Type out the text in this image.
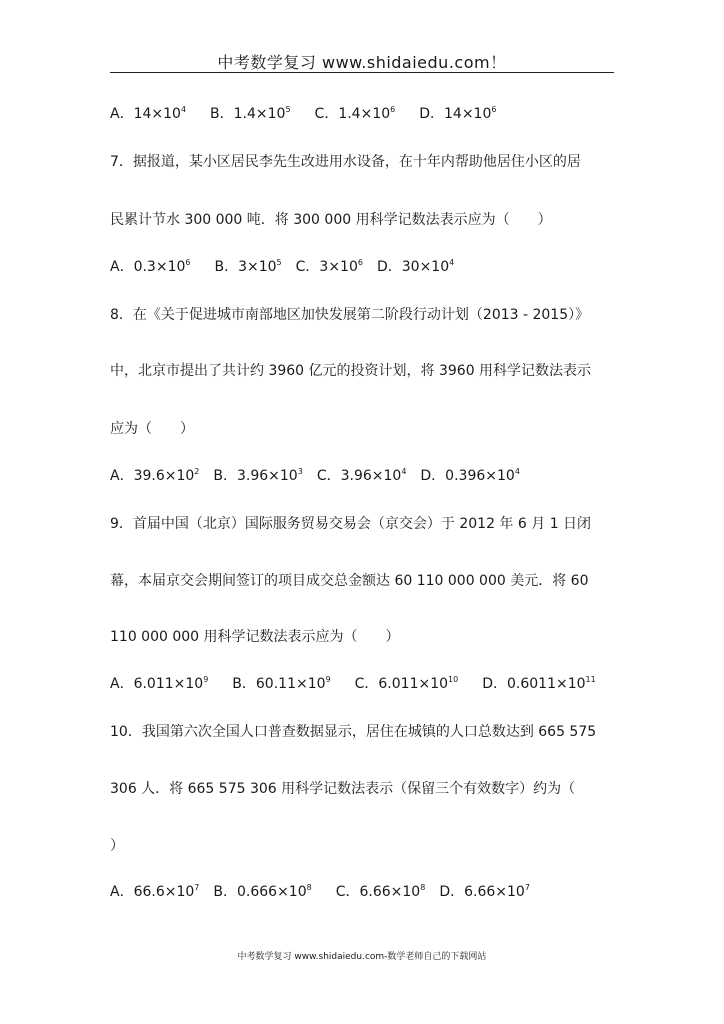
中考数学复习 www.shidaiedu.com！
A．$14\times 10^4$ B．$1.4\times 10^5$ C．$1.4\times 10^6$ D．$14\times 10^6$
7．据报道，某小区居民李先生改进用水设备，在十年内帮助他居住小区的居
民累计节水 300 000 吨．将 300 000 用科学记数法表示应为（　　）
A．$0.3\times 10^6$ B．$3\times 10^5$ C．$3\times 10^6$ D．$30\times 10^4$
8．在《关于促进城市南部地区加快发展第二阶段行动计划（2013 - 2015）》
中，北京市提出了共计约 3960 亿元的投资计划，将 3960 用科学记数法表示
应为（　　）
A．$39.6\times 10^2$ B．$3.96\times 10^3$ C．$3.96\times 10^4$ D．$0.396\times 10^4$
9．首届中国（北京）国际服务贸易交易会（京交会）于 2012 年 6 月 1 日闭
幕，本届京交会期间签订的项目成交总金额达 60 110 000 000 美元．将 60
110 000 000 用科学记数法表示应为（　　）
A．$6.011\times 10^9$ B．$60.11\times 10^9$ C．$6.011\times 10^{10}$ D．$0.6011\times 10^{11}$
10．我国第六次全国人口普查数据显示，居住在城镇的人口总数达到 665 575
306 人．将 665 575 306 用科学记数法表示（保留三个有效数字）约为（
）
A．$66.6\times 10^7$ B．$0.666\times 10^8$ C．$6.66\times 10^8$ D．$6.66\times 10^7$
中考数学复习 www.shidaiedu.com-数学老师自己的下载网站
